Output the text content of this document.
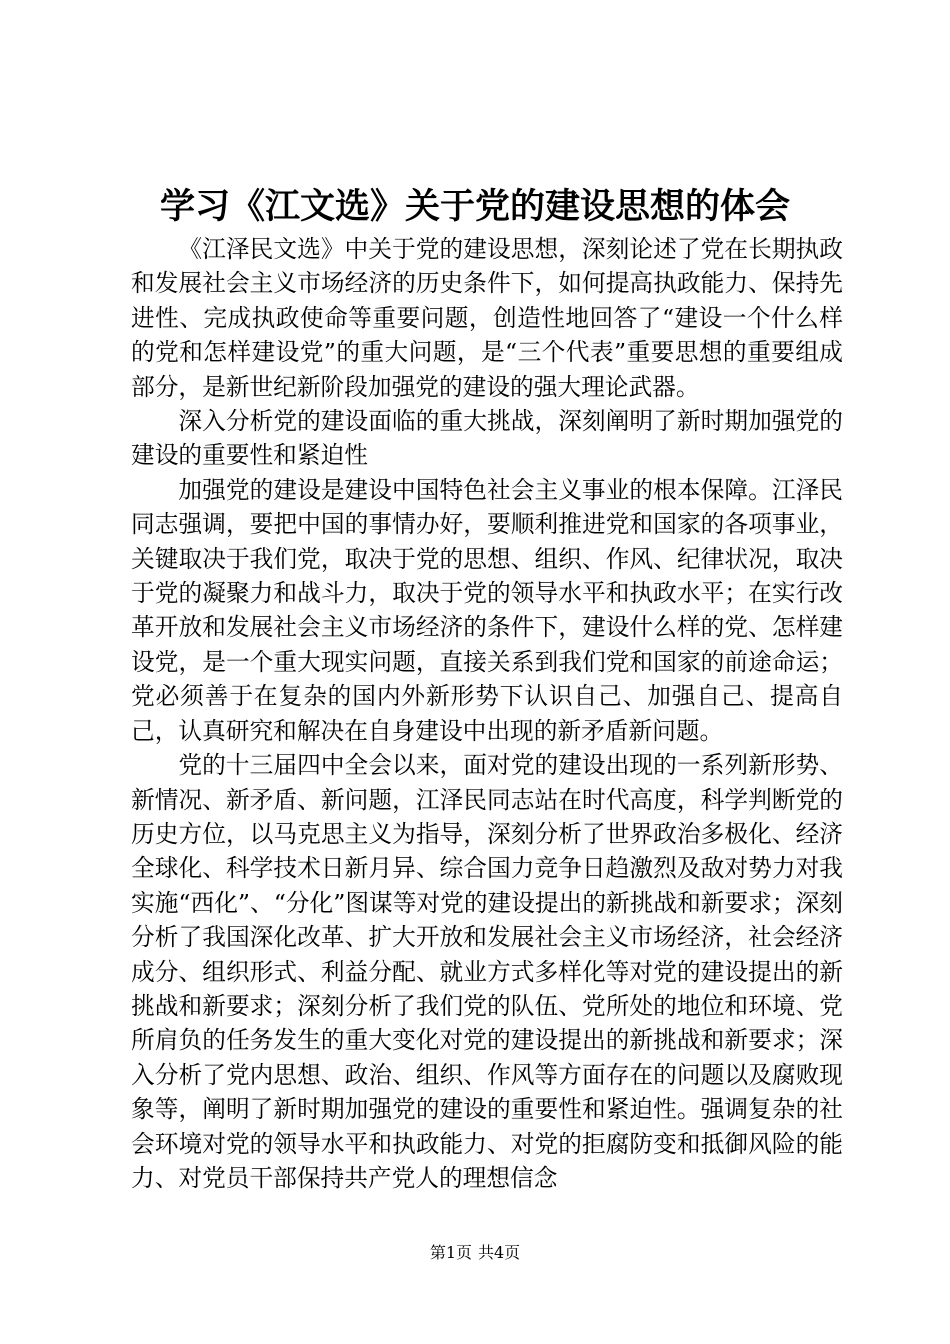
学习《江文选》关于党的建设思想的体会

《江泽民文选》中关于党的建设思想，深刻论述了党在长期执政和发展社会主义市场经济的历史条件下，如何提高执政能力、保持先进性、完成执政使命等重要问题，创造性地回答了“建设一个什么样的党和怎样建设党”的重大问题，是“三个代表”重要思想的重要组成部分，是新世纪新阶段加强党的建设的强大理论武器。

深入分析党的建设面临的重大挑战，深刻阐明了新时期加强党的建设的重要性和紧迫性

加强党的建设是建设中国特色社会主义事业的根本保障。江泽民同志强调，要把中国的事情办好，要顺利推进党和国家的各项事业，关键取决于我们党，取决于党的思想、组织、作风、纪律状况，取决于党的凝聚力和战斗力，取决于党的领导水平和执政水平；在实行改革开放和发展社会主义市场经济的条件下，建设什么样的党、怎样建设党，是一个重大现实问题，直接关系到我们党和国家的前途命运；党必须善于在复杂的国内外新形势下认识自己、加强自己、提高自己，认真研究和解决在自身建设中出现的新矛盾新问题。

党的十三届四中全会以来，面对党的建设出现的一系列新形势、新情况、新矛盾、新问题，江泽民同志站在时代高度，科学判断党的历史方位，以马克思主义为指导，深刻分析了世界政治多极化、经济全球化、科学技术日新月异、综合国力竞争日趋激烈及敌对势力对我实施“西化”、“分化”图谋等对党的建设提出的新挑战和新要求；深刻分析了我国深化改革、扩大开放和发展社会主义市场经济，社会经济成分、组织形式、利益分配、就业方式多样化等对党的建设提出的新挑战和新要求；深刻分析了我们党的队伍、党所处的地位和环境、党所肩负的任务发生的重大变化对党的建设提出的新挑战和新要求；深入分析了党内思想、政治、组织、作风等方面存在的问题以及腐败现象等，阐明了新时期加强党的建设的重要性和紧迫性。强调复杂的社会环境对党的领导水平和执政能力、对党的拒腐防变和抵御风险的能力、对党员干部保持共产党人的理想信念

第1页 共4页
